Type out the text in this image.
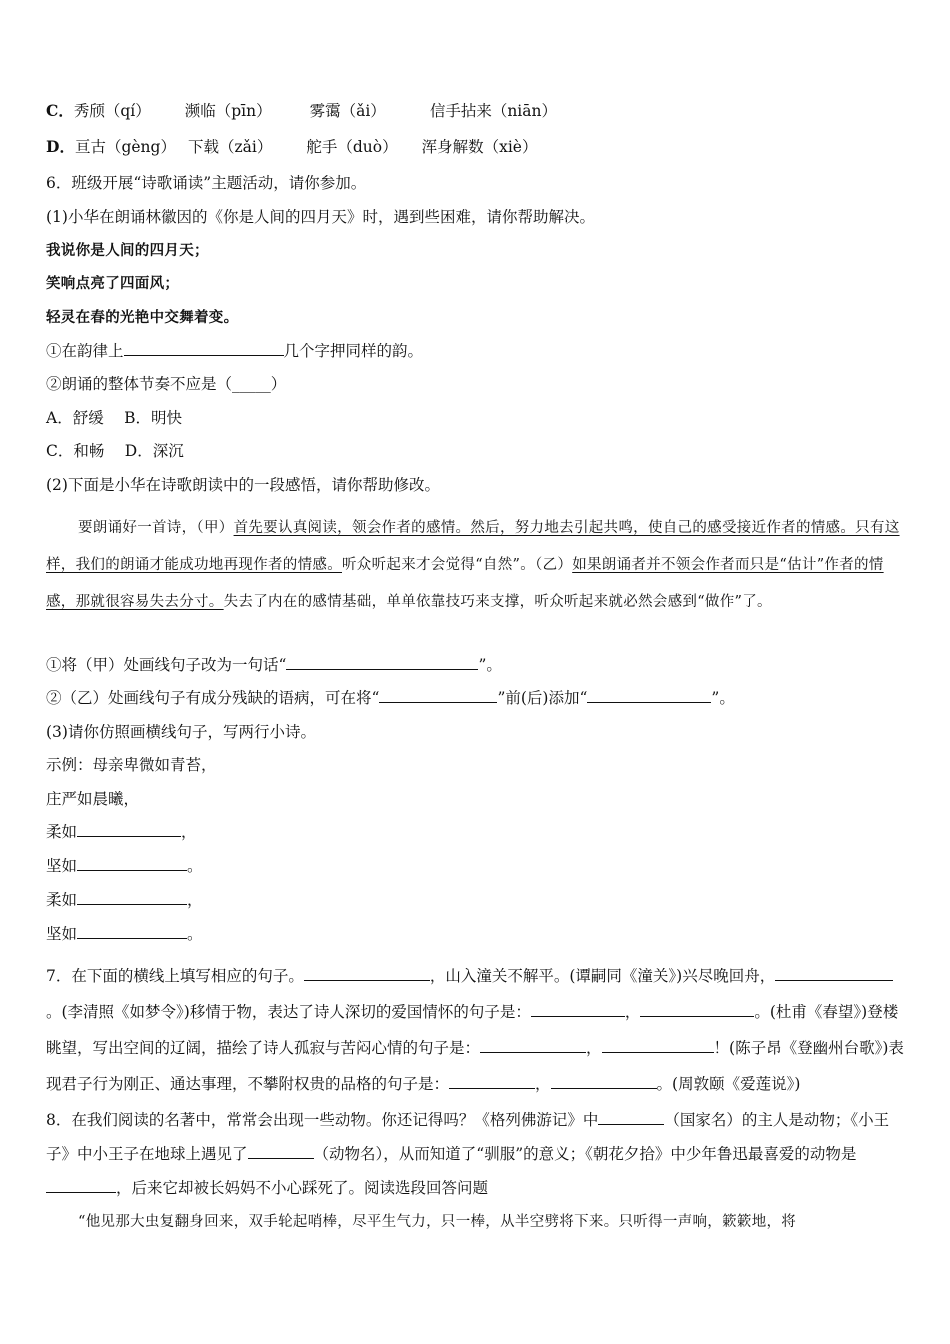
C．秀颀（qí） 濒临（pīn） 雾霭（ǎi）	信手拈来（niān）
D．亘古（gèng） 下载（zǎi） 舵手（duò） 浑身解数（xiè）
6．班级开展“诗歌诵读”主题活动，请你参加。
(1)小华在朗诵林徽因的《你是人间的四月天》时，遇到些困难，请你帮助解决。
我说你是人间的四月天；
笑响点亮了四面风；
轻灵在春的光艳中交舞着变。
①在韵律上	几个字押同样的韵。
②朗诵的整体节奏不应是（_____）
A．舒缓　 B．明快
C．和畅　 D．深沉
(2)下面是小华在诗歌朗读中的一段感悟，请你帮助修改。
要朗诵好一首诗，（甲）首先要认真阅读，领会作者的感情。然后，努力地去引起共鸣，使自己的感受接近作者的情感。只有这样，我们的朗诵才能成功地再现作者的情感。听众听起来才会觉得“自然”。（乙）如果朗诵者并不领会作者而只是“估计”作者的情感，那就很容易失去分寸。失去了内在的感情基础，单单依靠技巧来支撑，听众听起来就必然会感到“做作”了。
①将（甲）处画线句子改为一句话“	”。
②（乙）处画线句子有成分残缺的语病，可在将“	”前(后)添加“	”。
(3)请你仿照画横线句子，写两行小诗。
示例：母亲卑微如青苔，
庄严如晨曦，
柔如	，
坚如	。
柔如	，
坚如	。
7．在下面的横线上填写相应的句子。	，山入潼关不解平。(谭嗣同《潼关》)兴尽晚回舟，。(李清照《如梦令》)移情于物，表达了诗人深切的爱国情怀的句子是：	，	。(杜甫《春望》)登楼眺望，写出空间的辽阔，描绘了诗人孤寂与苦闷心情的句子是：	，	！(陈子昂《登幽州台歌》)表现君子行为刚正、通达事理，不攀附权贵的品格的句子是：	，	。(周敦颐《爱莲说》)
8．在我们阅读的名著中，常常会出现一些动物。你还记得吗？《格列佛游记》中	（国家名）的主人是动物；《小王子》中小王子在地球上遇见了	（动物名），从而知道了“驯服”的意义；《朝花夕拾》中少年鲁迅最喜爱的动物是，后来它却被长妈妈不小心踩死了。阅读选段回答问题
“他见那大虫复翻身回来，双手轮起哨棒，尽平生气力，只一棒，从半空劈将下来。只听得一声响，簌簌地，将
